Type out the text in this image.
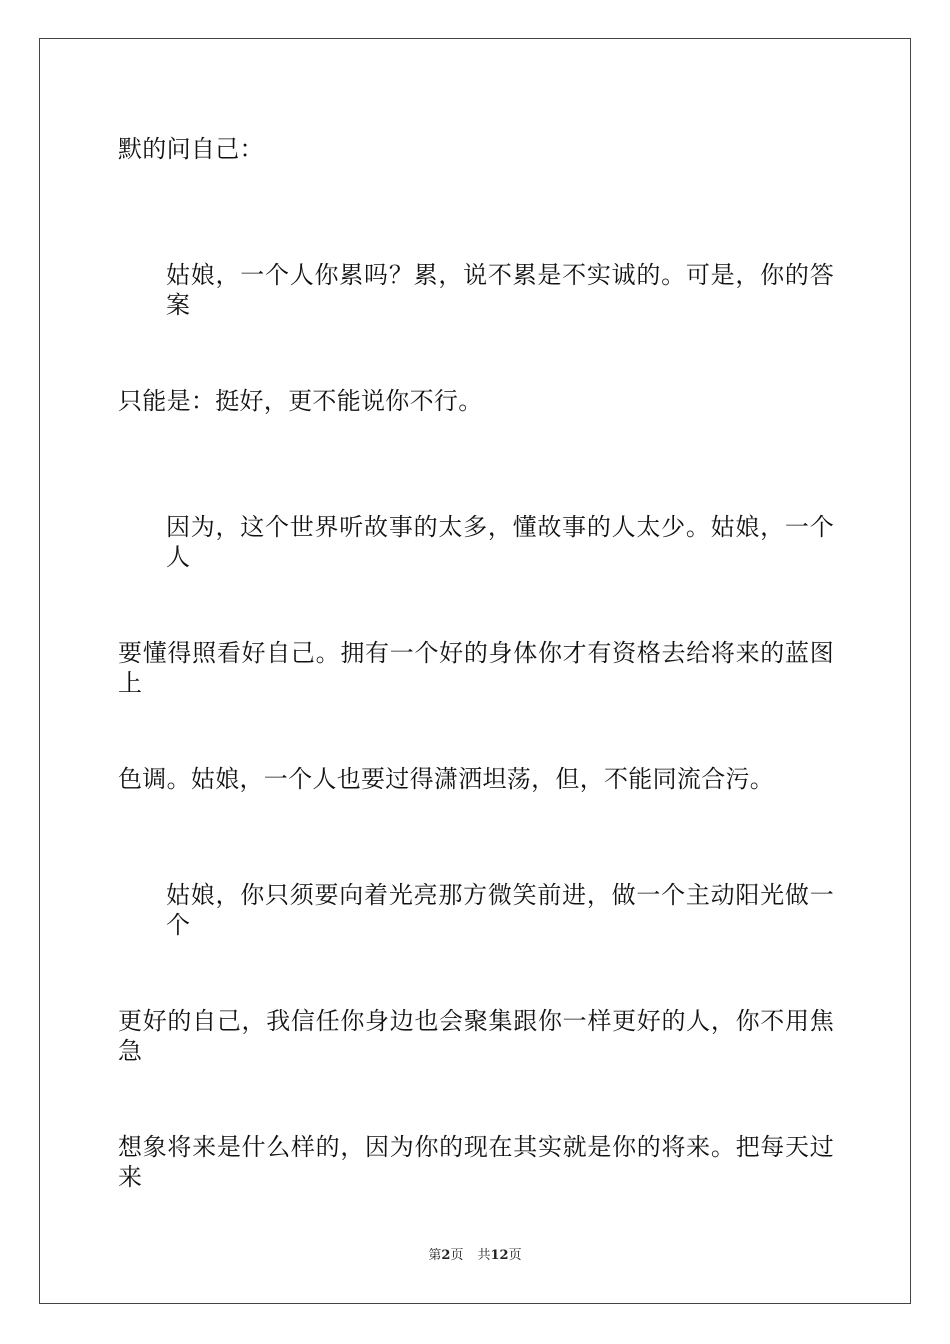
默的问自己：
姑娘，一个人你累吗？累，说不累是不实诚的。可是，你的答案
只能是：挺好，更不能说你不行。
因为，这个世界听故事的太多，懂故事的人太少。姑娘，一个人
要懂得照看好自己。拥有一个好的身体你才有资格去给将来的蓝图上
色调。姑娘，一个人也要过得潇洒坦荡，但，不能同流合污。
姑娘，你只须要向着光亮那方微笑前进，做一个主动阳光做一个
更好的自己，我信任你身边也会聚集跟你一样更好的人，你不用焦急
想象将来是什么样的，因为你的现在其实就是你的将来。把每天过来
第2页 共12页
